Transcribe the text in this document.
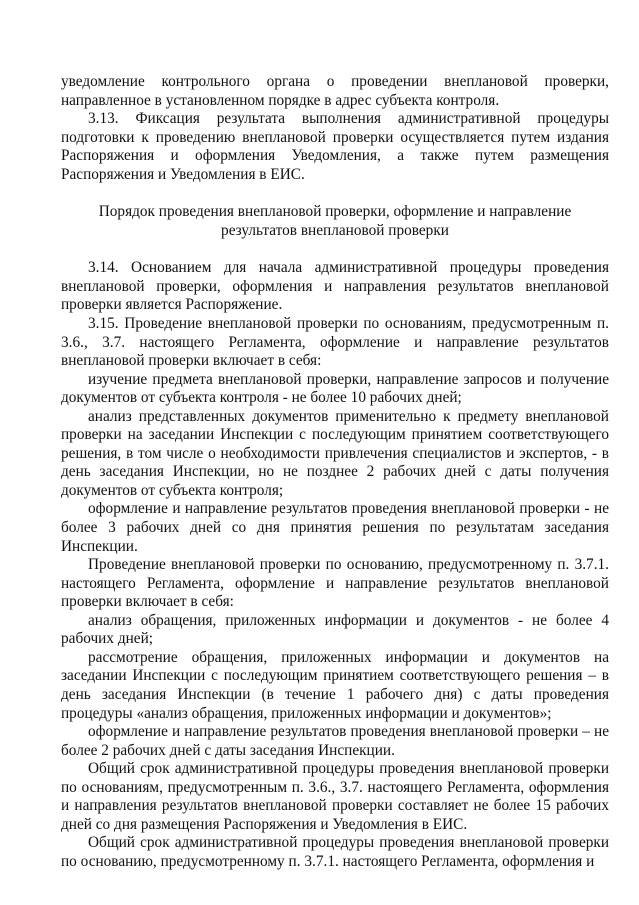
уведомление контрольного органа о проведении внеплановой проверки, направленное в установленном порядке в адрес субъекта контроля.

3.13. Фиксация результата выполнения административной процедуры подготовки к проведению внеплановой проверки осуществляется путем издания Распоряжения и оформления Уведомления, а также путем размещения Распоряжения и Уведомления в ЕИС.

Порядок проведения внеплановой проверки, оформление и направление

результатов внеплановой проверки

3.14. Основанием для начала административной процедуры проведения внеплановой проверки, оформления и направления результатов внеплановой проверки является Распоряжение.

3.15. Проведение внеплановой проверки по основаниям, предусмотренным п. 3.6., 3.7. настоящего Регламента, оформление и направление результатов внеплановой проверки включает в себя:

изучение предмета внеплановой проверки, направление запросов и получение документов от субъекта контроля - не более 10 рабочих дней;

анализ представленных документов применительно к предмету внеплановой проверки на заседании Инспекции с последующим принятием соответствующего решения, в том числе о необходимости привлечения специалистов и экспертов, - в день заседания Инспекции, но не позднее 2 рабочих дней с даты получения документов от субъекта контроля;

оформление и направление результатов проведения внеплановой проверки - не более 3 рабочих дней со дня принятия решения по результатам заседания Инспекции.

Проведение внеплановой проверки по основанию, предусмотренному п. 3.7.1. настоящего Регламента, оформление и направление результатов внеплановой проверки включает в себя:

анализ обращения, приложенных информации и документов - не более 4 рабочих дней;

рассмотрение обращения, приложенных информации и документов на заседании Инспекции с последующим принятием соответствующего решения – в день заседания Инспекции (в течение 1 рабочего дня) с даты проведения процедуры «анализ обращения, приложенных информации и документов»;

оформление и направление результатов проведения внеплановой проверки – не более 2 рабочих дней с даты заседания Инспекции.

Общий срок административной процедуры проведения внеплановой проверки по основаниям, предусмотренным п. 3.6., 3.7. настоящего Регламента, оформления и направления результатов внеплановой проверки составляет не более 15 рабочих дней со дня размещения Распоряжения и Уведомления в ЕИС.

Общий срок административной процедуры проведения внеплановой проверки по основанию, предусмотренному п. 3.7.1. настоящего Регламента, оформления и
